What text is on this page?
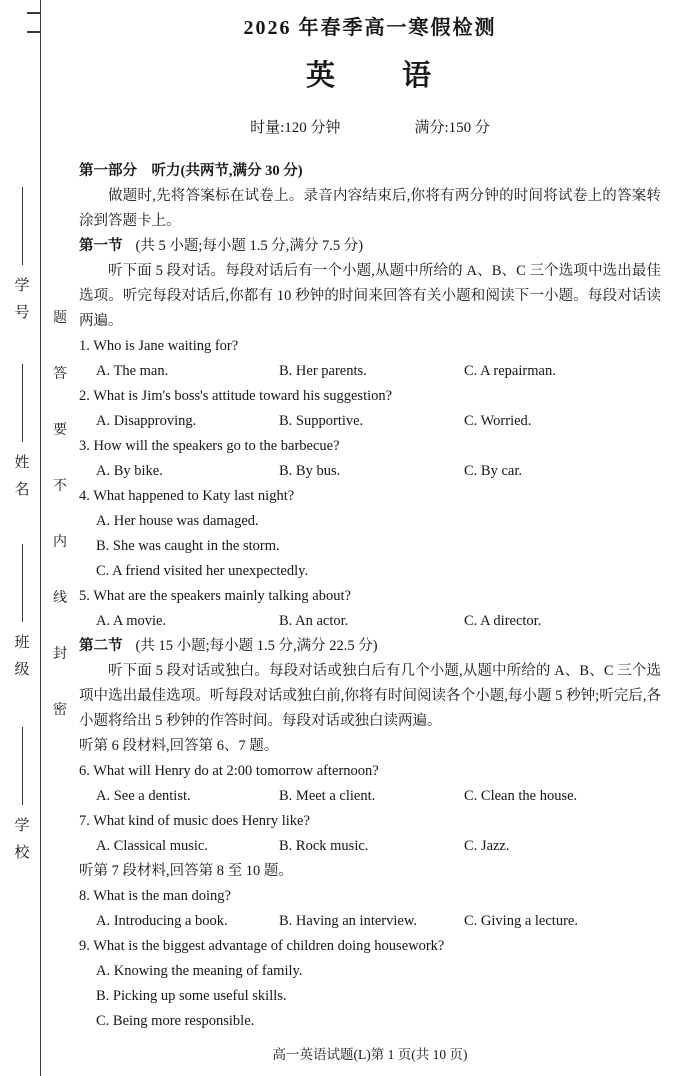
学
号
姓
名
班
级
学
校
题
答
要
不
内
线
封
密
2026 年春季高一寒假检测
英　　语
时量:120 分钟	满分:150 分
第一部分　听力(共两节,满分 30 分)
做题时,先将答案标在试卷上。录音内容结束后,你将有两分钟的时间将试卷上的答案转涂到答题卡上。
第一节 (共 5 小题;每小题 1.5 分,满分 7.5 分)
听下面 5 段对话。每段对话后有一个小题,从题中所给的 A、B、C 三个选项中选出最佳选项。听完每段对话后,你都有 10 秒钟的时间来回答有关小题和阅读下一小题。每段对话读两遍。
1. Who is Jane waiting for?
A. The man.	B. Her parents.	C. A repairman.
2. What is Jim's boss's attitude toward his suggestion?
A. Disapproving.	B. Supportive.	C. Worried.
3. How will the speakers go to the barbecue?
A. By bike.	B. By bus.	C. By car.
4. What happened to Katy last night?
A. Her house was damaged.
B. She was caught in the storm.
C. A friend visited her unexpectedly.
5. What are the speakers mainly talking about?
A. A movie.	B. An actor.	C. A director.
第二节 (共 15 小题;每小题 1.5 分,满分 22.5 分)
听下面 5 段对话或独白。每段对话或独白后有几个小题,从题中所给的 A、B、C 三个选项中选出最佳选项。听每段对话或独白前,你将有时间阅读各个小题,每小题 5 秒钟;听完后,各小题将给出 5 秒钟的作答时间。每段对话或独白读两遍。
听第 6 段材料,回答第 6、7 题。
6. What will Henry do at 2:00 tomorrow afternoon?
A. See a dentist.	B. Meet a client.	C. Clean the house.
7. What kind of music does Henry like?
A. Classical music.	B. Rock music.	C. Jazz.
听第 7 段材料,回答第 8 至 10 题。
8. What is the man doing?
A. Introducing a book.	B. Having an interview.	C. Giving a lecture.
9. What is the biggest advantage of children doing housework?
A. Knowing the meaning of family.
B. Picking up some useful skills.
C. Being more responsible.
高一英语试题(L)第 1 页(共 10 页)
